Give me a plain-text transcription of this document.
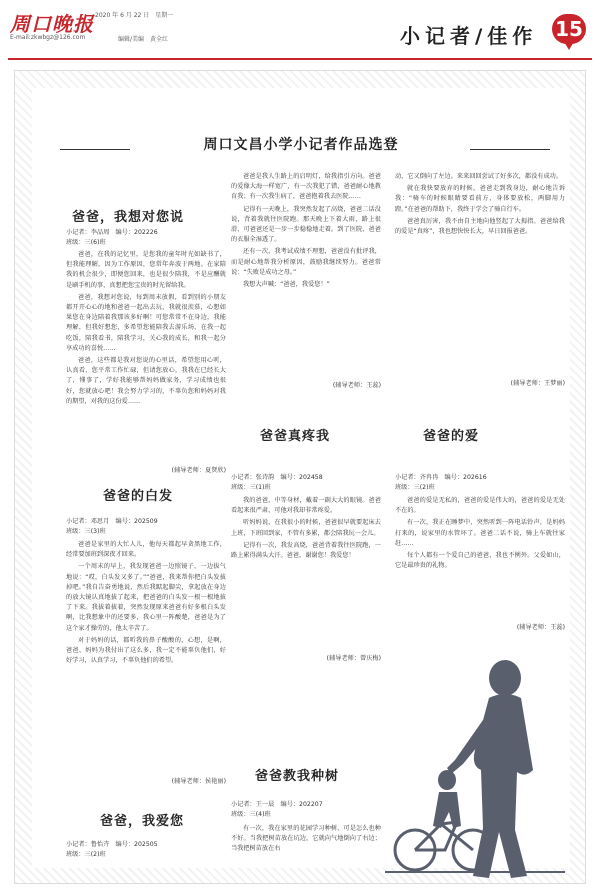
周口晚报 2020 年 6 月 22 日　星期一
E-mail:zkwbgz@126.com	编辑/美编　黄全红	小记者/佳作 15
周口文昌小学小记者作品选登
爸爸，我想对您说
小记者：李品周　编号：202226
班级：三(6)班

爸爸，在我的记忆里，是您我的童年时光如缺书了，但我能理解，因为工作原因，您常年奔波于两地。在家陪我的机会很少，即便您回来，也是很少陪我，不是应酬就是刷手机的事，真想把您宝贵的时光留给我。

爸爸，我想对您说，每到周末放假，看到别的小朋友都开开心心的地和爸爸一起出去玩，我就很羡慕，心想如果您在身边陪着我那该多好啊！可您常常不在身边，我能理解，但我好想您，多希望您能陪我去游乐场，在我一起吃饭，陪我看书，陪我学习，关心我的成长，和我一起分享成功的喜悦……

爸爸，这些都是我对您说的心里话，希望您用心听，认真看，您平常工作忙碌，但请您放心，我我在已经长大了，懂事了，学好我能够帮妈妈做家务，学习成绩也很好，您就放心吧！我会努力学习的，不辜负您和妈妈对我的期望，对我的这份爱……

(辅导老师：夏贤欣)
爸爸的白发
小记者：邓思月　编号：202509
班级：三(3)班

爸爸是家里的大忙人儿，他每天都起早贪黑地工作，经常要加班到深夜才回来。

一个周末的早上，我发现爸爸一边照镜子，一边拔气地说：“哎，白头发又多了。”“爸爸，我来帮你把白头发拔掉吧。”我自告奋勇地说，然后我踮起脚尖，拿起放在身边的放大镜认真地拔了起来，把爸爸的白头发一根一根地拔了下来。我拔着拔着，突然发现原来爸爸有好多根白头发啊，比我想象中的还要多，我心里一阵酸楚，爸爸是为了这个家才操劳的，他太辛苦了。

对于妈妈的话，都听我的鼻子酸酸的，心想，是啊，爸爸、妈妈为我付出了这么多，我一定不能辜负他们，好好学习，认真学习，不辜负他们的希望。

(辅导老师：侯艳丽)
爸爸，我爱您
小记者：鲁怡卉　编号：202505
班级：三(2)班

爸爸是我人生路上的启明灯，给我指引方向。爸爸的爱像大海一样宽广，有一次我犯了错，爸爸耐心地教育我；有一次我生病了，爸爸抱着我去医院……

记得有一天晚上，我突然发起了高烧，爸爸二话没说，背着我就往医院跑。那天晚上下着大雨，路上很滑，可爸爸还是一步一步稳稳地走着。到了医院，爸爸的衣服全湿透了。

还有一次，我考试成绩不理想，爸爸没有批评我，而是耐心地帮我分析原因，鼓励我继续努力。爸爸常说：“失败是成功之母。”

我想大声喊：“爸爸，我爱您！”

(辅导老师：王蕊)

动，它又倒向了左边。来来回回尝试了好多次，都没有成功。

就在我快要放弃的时候，爸爸走到我身边，耐心地告诉我：“骑车的时候眼睛要看前方，身体要放松，两脚用力蹬。”在爸爸的帮助下，我终于学会了骑自行车。

爸爸真厉害，我不由自主地向他竖起了大拇指。爸爸给我的爱是“真疼”，我也想快快长大，早日回报爸爸。

(辅导老师：王梦丽)
爸爸真疼我
小记者：张诗韵　编号：202458
班级：三(1)班

我的爸爸，中等身材，戴着一副大大的眼镜。爸爸看起来很严肃，可他对我却非常疼爱。

听妈妈说，在我很小的时候，爸爸很早就要起床去上班，下班回到家，不管有多累，都会陪我玩一会儿。

记得有一次，我发高烧，爸爸背着我往医院跑，一路上累得满头大汗。爸爸，谢谢您！我爱您！

(辅导老师：曾庆梅)
爸爸的爱
小记者：齐冉冉　编号：202616
班级：三(2)班

爸爸的爱是无私的，爸爸的爱是伟大的，爸爸的爱是无处不在的。

有一次，我正在睡梦中，突然听到一阵电话铃声，是妈妈打来的，说家里的水管坏了。爸爸二话不说，骑上车就往家赶……

每个人都有一个爱自己的爸爸，我也不例外。父爱如山，它是最珍贵的礼物。

(辅导老师：王蕊)
爸爸教我种树
小记者：王一晨　编号：202207
班级：三(4)班

有一次，我在家里的花园学习种树，可是怎么也种不好。当我把树苗放在坑边，它就向气地倒向了右边；当我把树苗放在右
